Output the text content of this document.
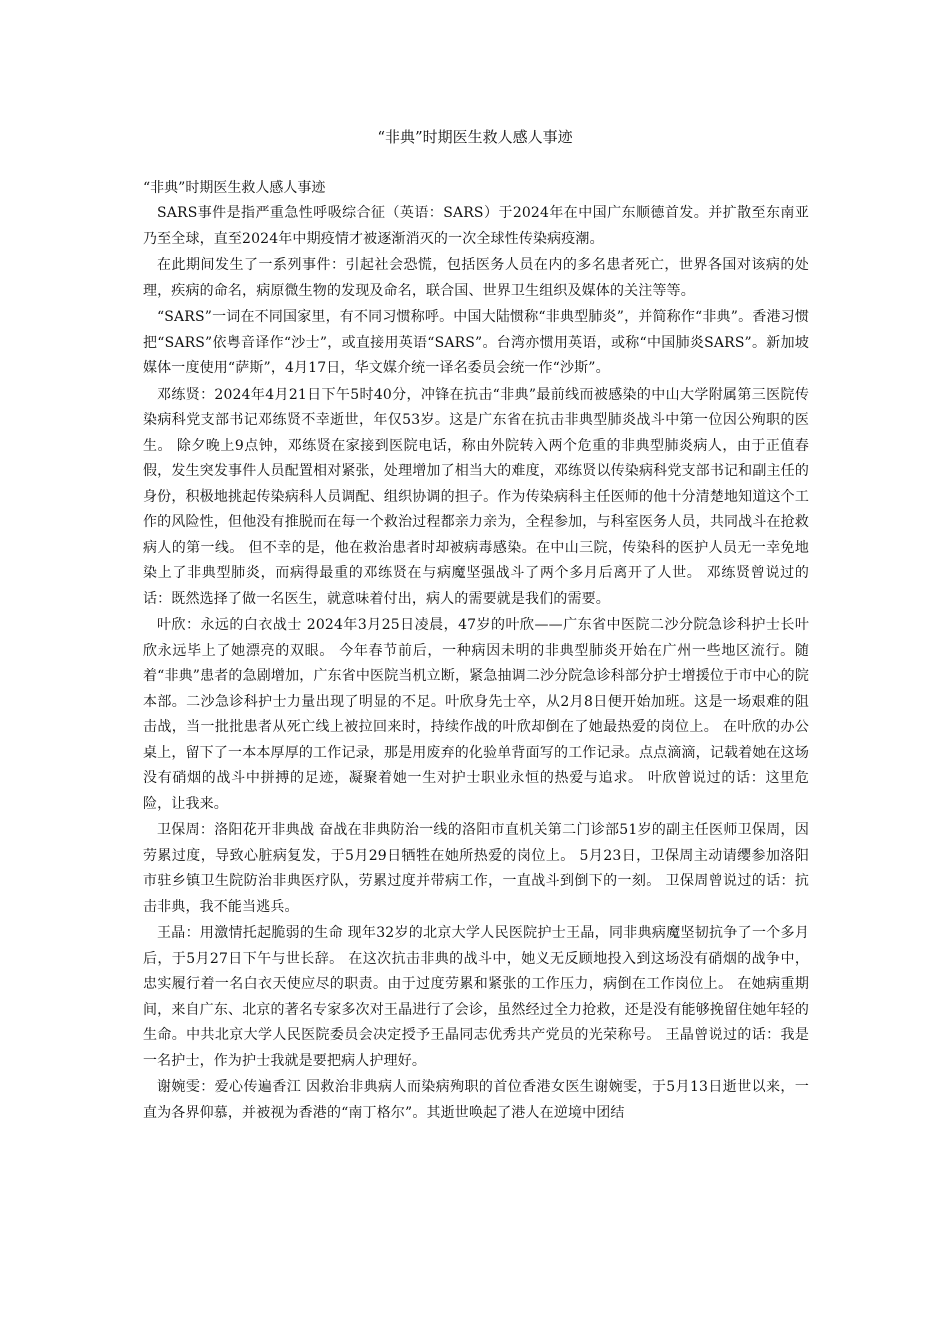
“非典”时期医生救人感人事迹

“非典”时期医生救人感人事迹

SARS事件是指严重急性呼吸综合征（英语：SARS）于2024年在中国广东顺德首发。并扩散至东南亚乃至全球，直至2024年中期疫情才被逐渐消灭的一次全球性传染病疫潮。

在此期间发生了一系列事件：引起社会恐慌，包括医务人员在内的多名患者死亡，世界各国对该病的处理，疾病的命名，病原微生物的发现及命名，联合国、世界卫生组织及媒体的关注等等。

“SARS”一词在不同国家里，有不同习惯称呼。中国大陆惯称“非典型肺炎”，并简称作“非典”。香港习惯把“SARS”依粤音译作“沙士”，或直接用英语“SARS”。台湾亦惯用英语，或称“中国肺炎SARS”。新加坡媒体一度使用“萨斯”，4月17日，华文媒介统一译名委员会统一作“沙斯”。

邓练贤：2024年4月21日下午5时40分，冲锋在抗击“非典”最前线而被感染的中山大学附属第三医院传染病科党支部书记邓练贤不幸逝世，年仅53岁。这是广东省在抗击非典型肺炎战斗中第一位因公殉职的医生。 除夕晚上9点钟，邓练贤在家接到医院电话，称由外院转入两个危重的非典型肺炎病人，由于正值春假，发生突发事件人员配置相对紧张，处理增加了相当大的难度，邓练贤以传染病科党支部书记和副主任的身份，积极地挑起传染病科人员调配、组织协调的担子。作为传染病科主任医师的他十分清楚地知道这个工作的风险性，但他没有推脱而在每一个救治过程都亲力亲为，全程参加，与科室医务人员，共同战斗在抢救病人的第一线。 但不幸的是，他在救治患者时却被病毒感染。在中山三院，传染科的医护人员无一幸免地染上了非典型肺炎，而病得最重的邓练贤在与病魔坚强战斗了两个多月后离开了人世。 邓练贤曾说过的话：既然选择了做一名医生，就意味着付出，病人的需要就是我们的需要。

叶欣：永远的白衣战士 2024年3月25日凌晨，47岁的叶欣——广东省中医院二沙分院急诊科护士长叶欣永远毕上了她漂亮的双眼。 今年春节前后，一种病因未明的非典型肺炎开始在广州一些地区流行。随着“非典”患者的急剧增加，广东省中医院当机立断，紧急抽调二沙分院急诊科部分护士增援位于市中心的院本部。二沙急诊科护士力量出现了明显的不足。叶欣身先士卒，从2月8日便开始加班。这是一场艰难的阻击战，当一批批患者从死亡线上被拉回来时，持续作战的叶欣却倒在了她最热爱的岗位上。 在叶欣的办公桌上，留下了一本本厚厚的工作记录，那是用废弃的化验单背面写的工作记录。点点滴滴，记载着她在这场没有硝烟的战斗中拼搏的足迹，凝聚着她一生对护士职业永恒的热爱与追求。 叶欣曾说过的话：这里危险，让我来。

卫保周：洛阳花开非典战 奋战在非典防治一线的洛阳市直机关第二门诊部51岁的副主任医师卫保周，因劳累过度，导致心脏病复发，于5月29日牺牲在她所热爱的岗位上。 5月23日，卫保周主动请缨参加洛阳市驻乡镇卫生院防治非典医疗队，劳累过度并带病工作，一直战斗到倒下的一刻。 卫保周曾说过的话：抗击非典，我不能当逃兵。

王晶：用激情托起脆弱的生命 现年32岁的北京大学人民医院护士王晶，同非典病魔坚韧抗争了一个多月后，于5月27日下午与世长辞。 在这次抗击非典的战斗中，她义无反顾地投入到这场没有硝烟的战争中，忠实履行着一名白衣天使应尽的职责。由于过度劳累和紧张的工作压力，病倒在工作岗位上。 在她病重期间，来自广东、北京的著名专家多次对王晶进行了会诊，虽然经过全力抢救，还是没有能够挽留住她年轻的生命。中共北京大学人民医院委员会决定授予王晶同志优秀共产党员的光荣称号。 王晶曾说过的话：我是一名护士，作为护士我就是要把病人护理好。

谢婉雯：爱心传遍香江 因救治非典病人而染病殉职的首位香港女医生谢婉雯，于5月13日逝世以来，一直为各界仰慕，并被视为香港的“南丁格尔”。其逝世唤起了港人在逆境中团结
